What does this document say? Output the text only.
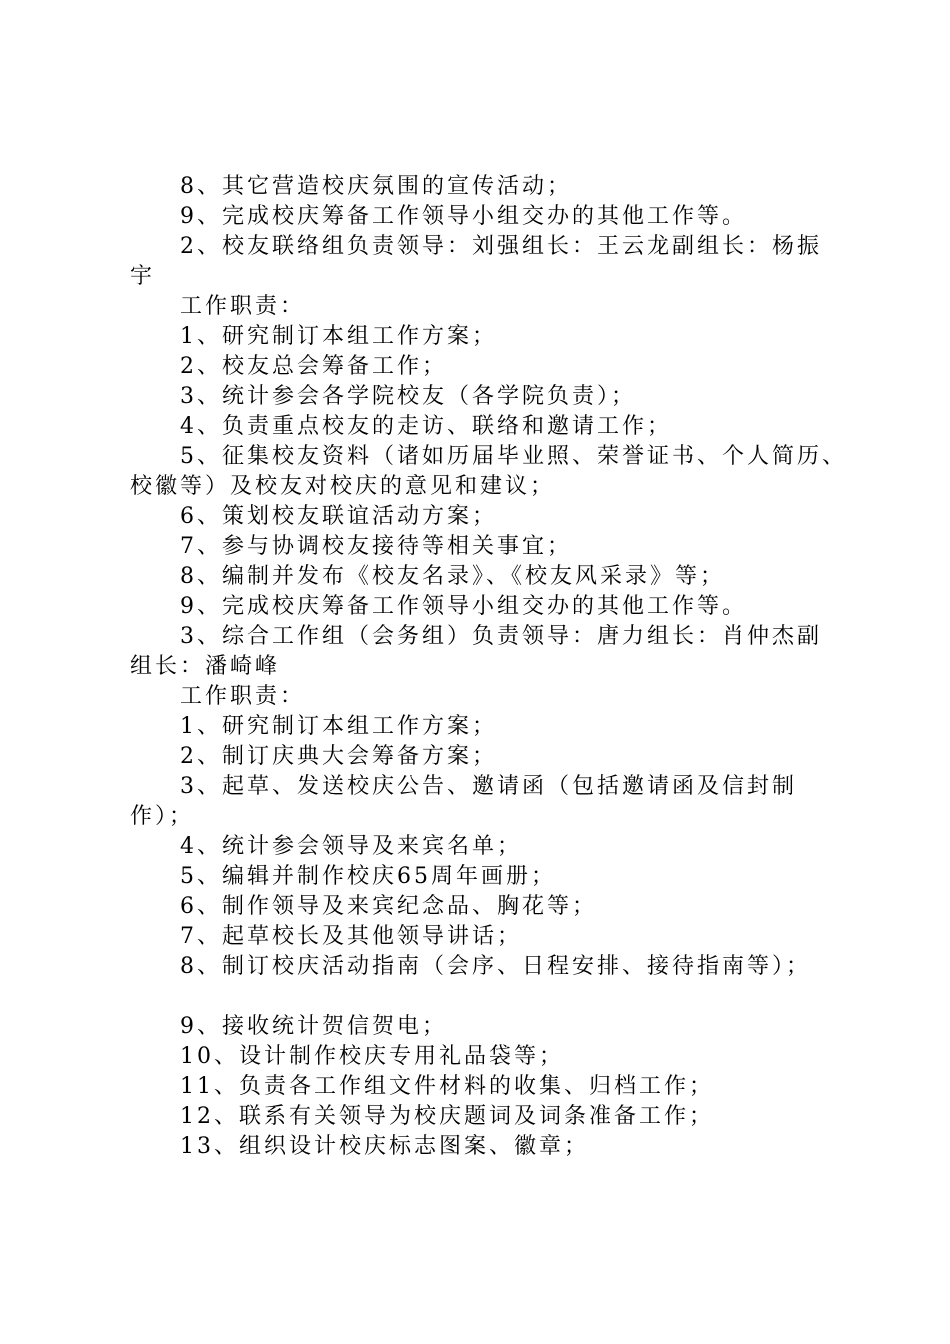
8、其它营造校庆氛围的宣传活动；

9、完成校庆筹备工作领导小组交办的其他工作等。

2、校友联络组负责领导：刘强组长：王云龙副组长：杨振

宇

工作职责：

1、研究制订本组工作方案；

2、校友总会筹备工作；

3、统计参会各学院校友（各学院负责）；

4、负责重点校友的走访、联络和邀请工作；

5、征集校友资料（诸如历届毕业照、荣誉证书、个人简历、

校徽等）及校友对校庆的意见和建议；

6、策划校友联谊活动方案；

7、参与协调校友接待等相关事宜；

8、编制并发布《校友名录》、《校友风采录》等；

9、完成校庆筹备工作领导小组交办的其他工作等。

3、综合工作组（会务组）负责领导：唐力组长：肖仲杰副

组长：潘崎峰

工作职责：

1、研究制订本组工作方案；

2、制订庆典大会筹备方案；

3、起草、发送校庆公告、邀请函（包括邀请函及信封制

作）；

4、统计参会领导及来宾名单；

5、编辑并制作校庆65周年画册；

6、制作领导及来宾纪念品、胸花等；

7、起草校长及其他领导讲话；

8、制订校庆活动指南（会序、日程安排、接待指南等）；

9、接收统计贺信贺电；

10、设计制作校庆专用礼品袋等；

11、负责各工作组文件材料的收集、归档工作；

12、联系有关领导为校庆题词及词条准备工作；

13、组织设计校庆标志图案、徽章；
